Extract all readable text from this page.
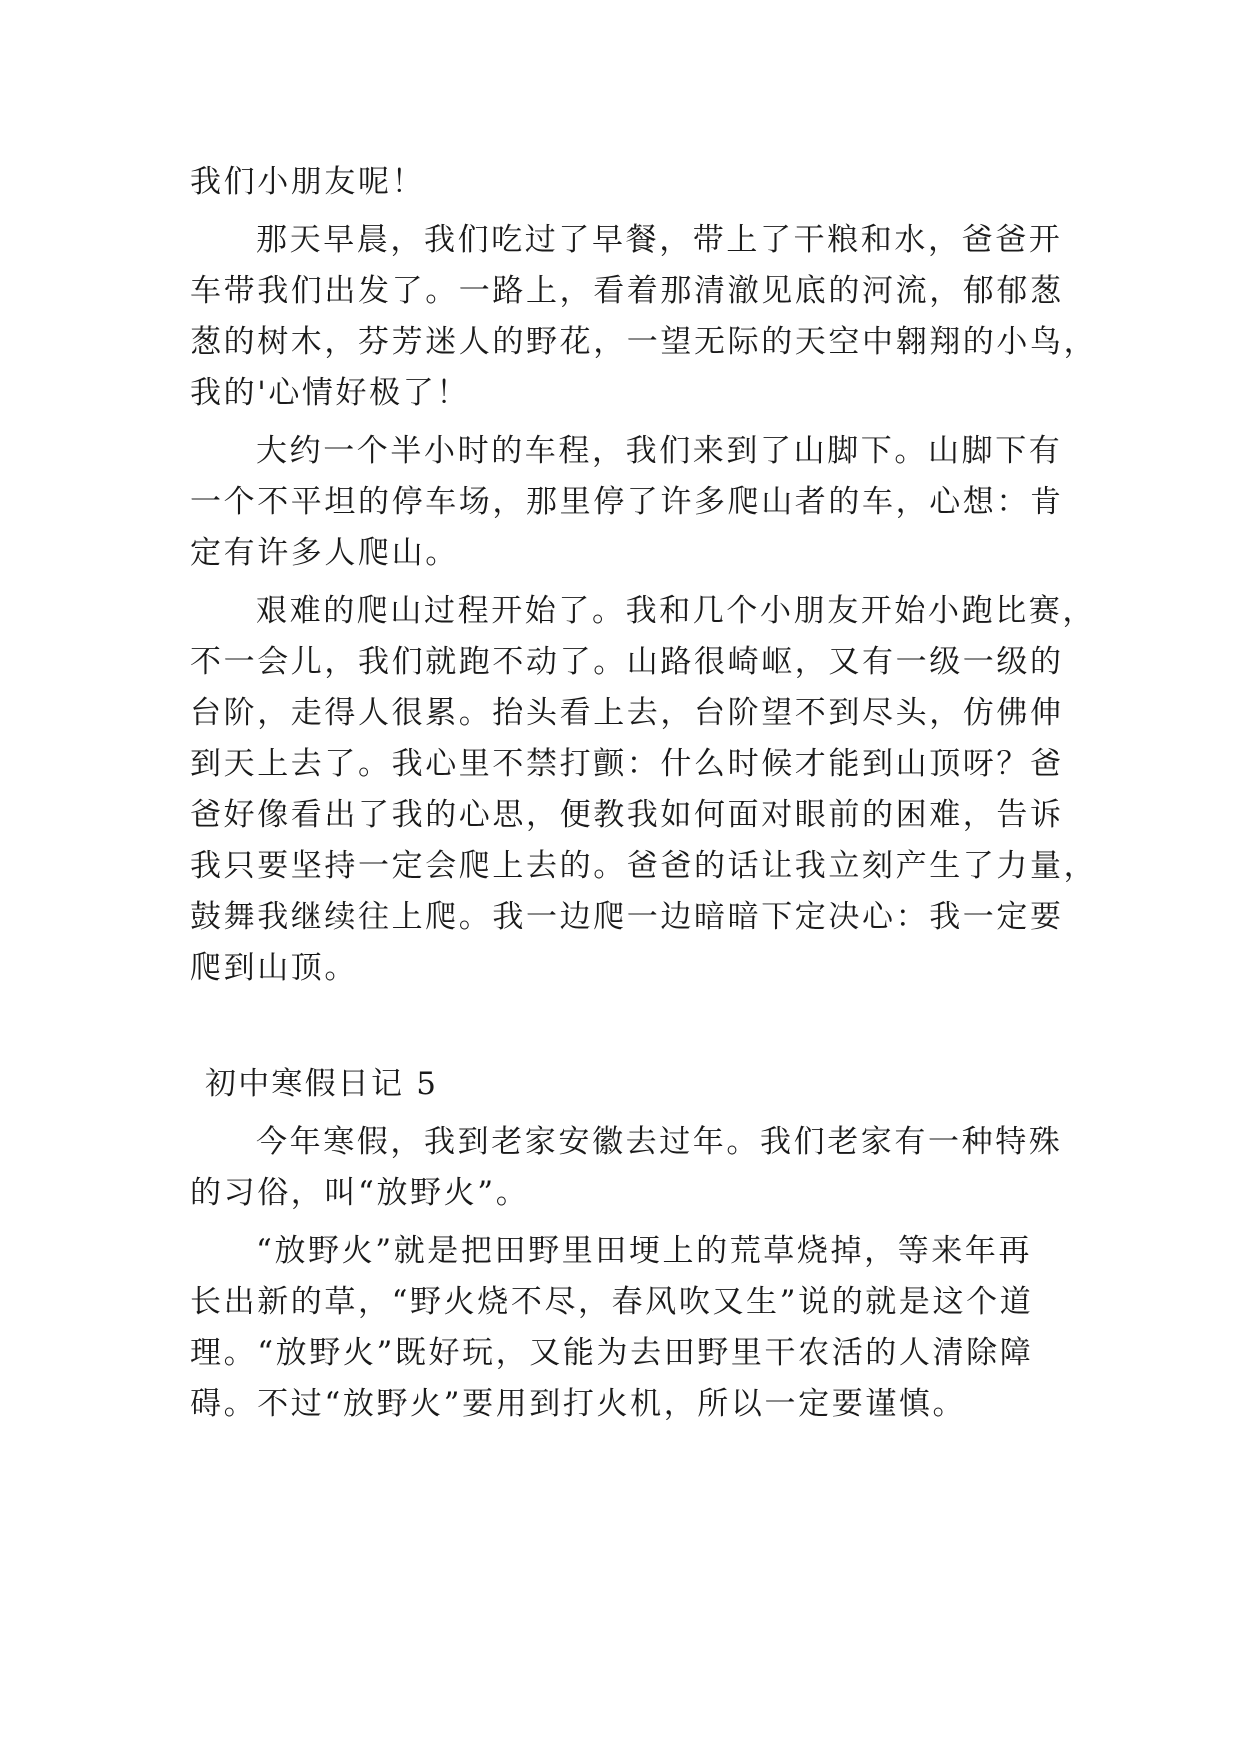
我们小朋友呢！
那天早晨，我们吃过了早餐，带上了干粮和水，爸爸开
车带我们出发了。一路上，看着那清澈见底的河流，郁郁葱
葱的树木，芬芳迷人的野花，一望无际的天空中翱翔的小鸟，
我的'心情好极了！
大约一个半小时的车程，我们来到了山脚下。山脚下有
一个不平坦的停车场，那里停了许多爬山者的车，心想：肯
定有许多人爬山。
艰难的爬山过程开始了。我和几个小朋友开始小跑比赛，
不一会儿，我们就跑不动了。山路很崎岖，又有一级一级的
台阶，走得人很累。抬头看上去，台阶望不到尽头，仿佛伸
到天上去了。我心里不禁打颤：什么时候才能到山顶呀？爸
爸好像看出了我的心思，便教我如何面对眼前的困难，告诉
我只要坚持一定会爬上去的。爸爸的话让我立刻产生了力量，
鼓舞我继续往上爬。我一边爬一边暗暗下定决心：我一定要
爬到山顶。
初中寒假日记 5
今年寒假，我到老家安徽去过年。我们老家有一种特殊
的习俗，叫“放野火”。
“放野火”就是把田野里田埂上的荒草烧掉，等来年再
长出新的草，“野火烧不尽，春风吹又生”说的就是这个道
理。“放野火”既好玩，又能为去田野里干农活的人清除障
碍。不过“放野火”要用到打火机，所以一定要谨慎。
